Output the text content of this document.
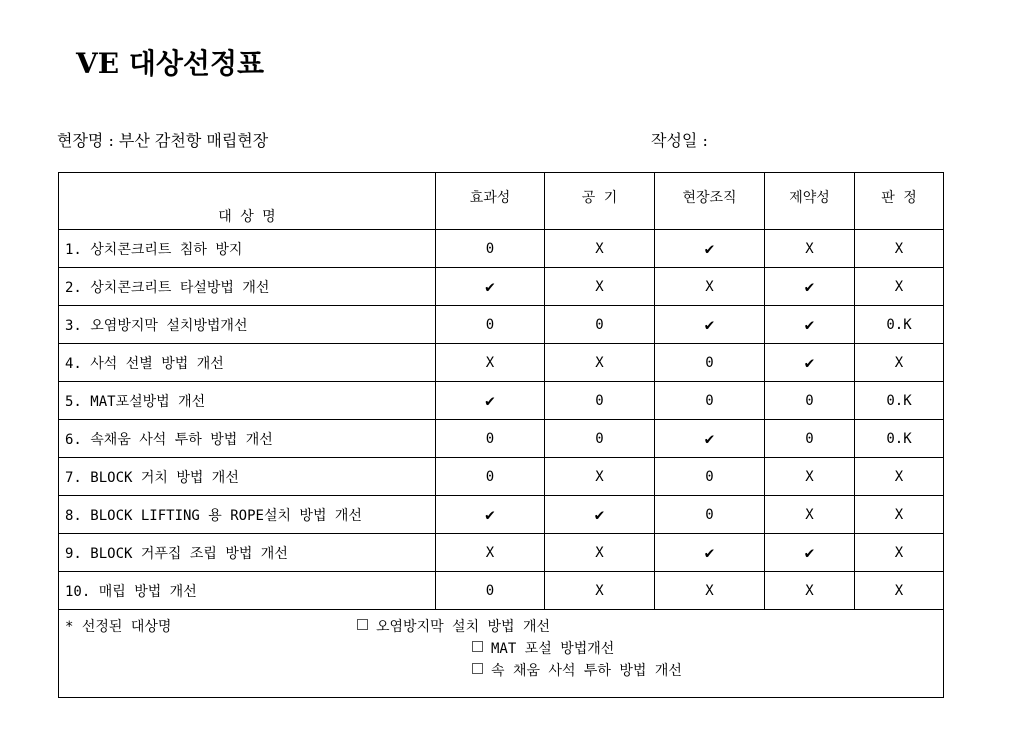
VE 대상선정표
현장명 : 부산 감천항 매립현장	작성일 :
대 상 명	효과성	공 기	현장조직	제약성	판 정
1. 상치콘크리트 침하 방지	0	X	✔	X	X
2. 상치콘크리트 타설방법 개선	✔	X	X	✔	X
3. 오염방지막 설치방법개선	0	0	✔	✔	0.K
4. 사석 선별 방법 개선	X	X	0	✔	X
5. MAT포설방법 개선	✔	0	0	0	0.K
6. 속채움 사석 투하 방법 개선	0	0	✔	0	0.K
7. BLOCK 거치 방법 개선	0	X	0	X	X
8. BLOCK LIFTING 용 ROPE설치 방법 개선	✔	✔	0	X	X
9. BLOCK 거푸집 조립 방법 개선	X	X	✔	✔	X
10. 매립 방법 개선	0	X	X	X	X

* 선정된 대상명 오염방지막 설치 방법 개선
MAT 포설 방법개선
속 채움 사석 투하 방법 개선					
